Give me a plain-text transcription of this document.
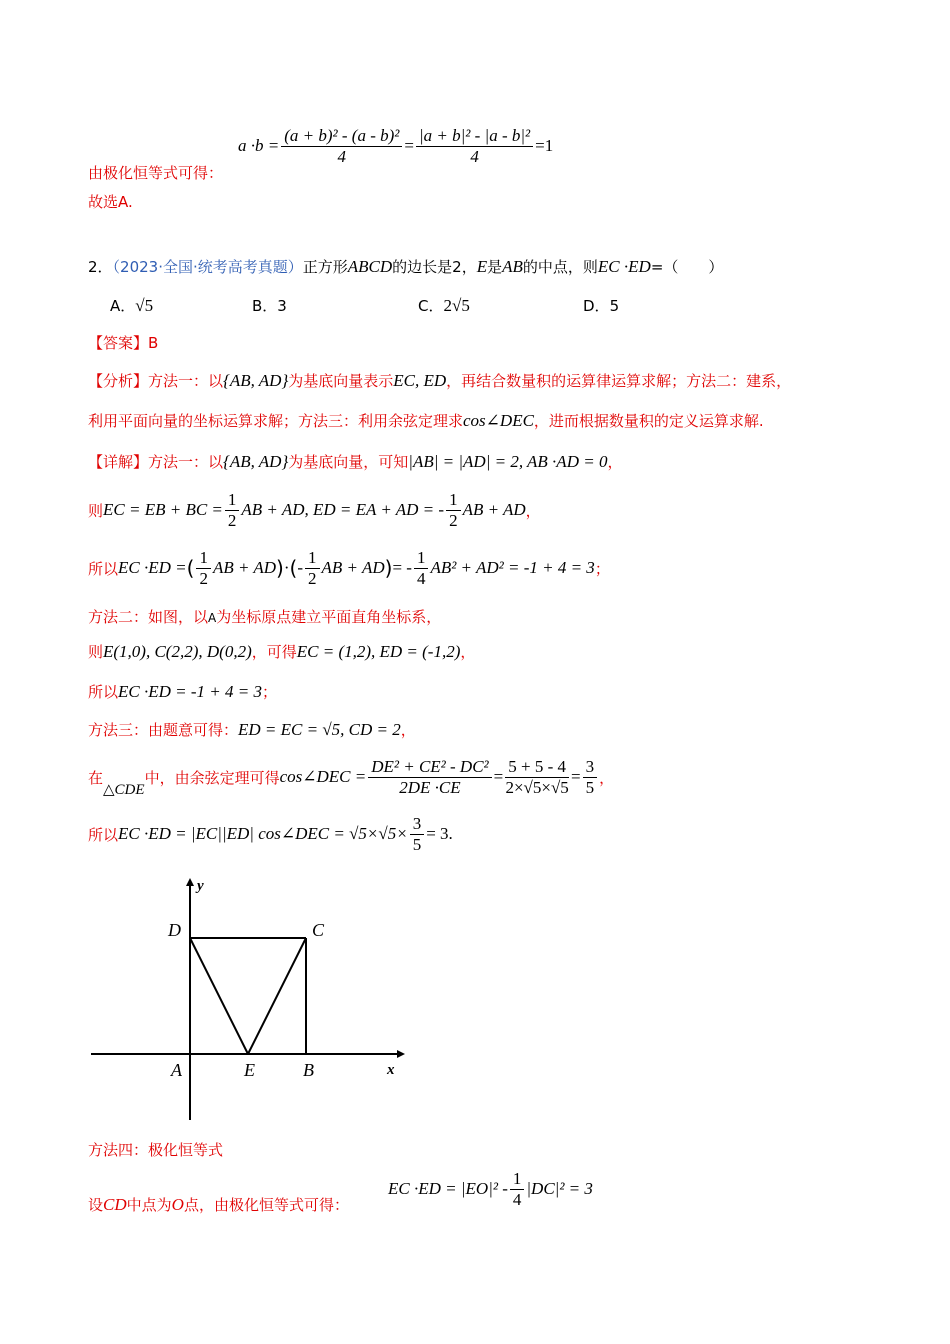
由极化恒等式可得：
$a \cdot b = \frac{\text{(a + b)² - (a - b)²}}{4} = \frac{\text{|a + b|² - |a - b|²}}{4} =1$
故选A.
2．（2023·全国·统考高考真题）正方形ABCD的边长是2，E是AB的中点，则EC ·ED=（　　）
A．√5	B．3	C．2√5	D．5
【答案】B
【分析】方法一：以{AB, AD}为基底向量表示EC, ED，再结合数量积的运算律运算求解；方法二：建系，
利用平面向量的坐标运算求解；方法三：利用余弦定理求cos∠DEC，进而根据数量积的定义运算求解.
【详解】方法一：以{AB, AD}为基底向量，可知|AB| = |AD| = 2, AB ·AD = 0，
则 EC = EB + BC = $\frac{1}{2}$ AB + AD, ED = EA + AD = - $\frac{1}{2}$ AB + AD ，
所以 EC ·ED = ( $\frac{1}{2}$ AB + AD ) · ( - $\frac{1}{2}$ AB + AD ) = - $\frac{1}{4} AB^2 + AD^2 = -1 + 4 = 3$ ；
方法二：如图，以A为坐标原点建立平面直角坐标系，
则E(1,0), C(2,2), D(0,2)，可得EC = (1,2), ED = (-1,2)，
所以EC ·ED = -1 + 4 = 3；
方法三：由题意可得：ED = EC = √5, CD = 2，
在
△CDE
中，由余弦定理可得 cos∠DEC = $\frac{\text{DE² + CE² - DC²}}{2DE \cdot CE} = \frac{5 + 5 - 4}{2\times√5\times√5} = \frac{3}{5}$ ，
所以 EC ·ED = |EC||ED| cos∠DEC = $√5\times√5\times \frac{3}{5} = 3$.
x
y
A	E	B
C
D
方法四：极化恒等式
设CD中点为O点，由极化恒等式可得：
EC $\cdot ED = |EO|^2 - \frac{1}{4} |DC|^2 = 3$
